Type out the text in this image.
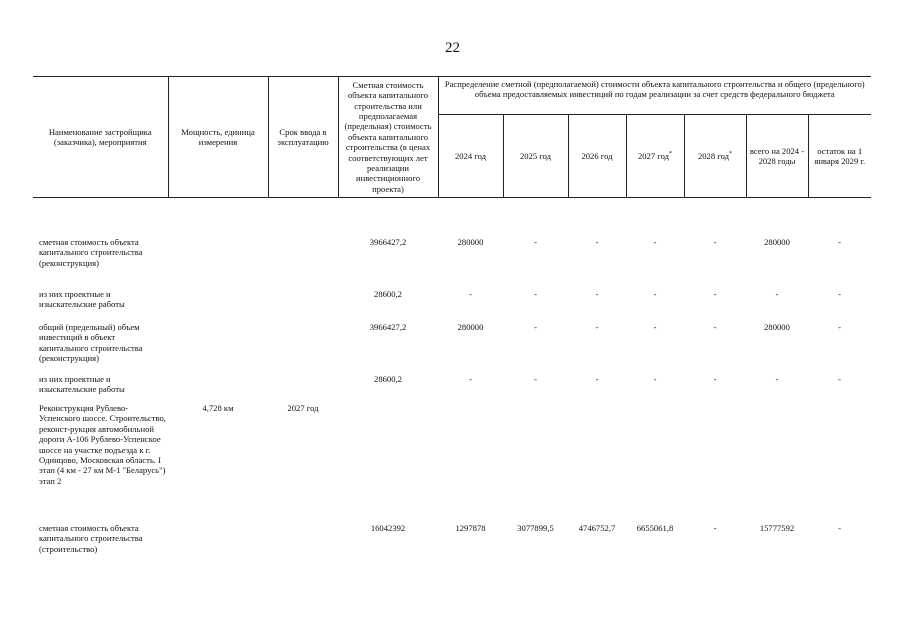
22
Наименование застройщика (заказчика), мероприятия	Мощность, единица измерения	Срок ввода в эксплуатацию	Сметная стоимость объекта капитального строительства или предполагаемая (предельная) стоимость объекта капитального строительства (в ценах соответствующих лет реализации инвестиционного проекта)	Распределение сметной (предполагаемой) стоимости объекта капитального строительства и общего (предельного) объема предоставляемых инвестиций по годам реализации за счет средств федерального бюджета						
				2024 год	2025 год	2026 год	2027 год*	2028 год*	всего на 2024 - 2028 годы	остаток на 1 января 2029 г.
сметная стоимость объекта капитального строительства (реконструкция)			3966427,2	280000	-	-	-	-	280000	-
из них проектные и изыскательские работы			28600,2	-	-	-	-	-	-	-
общий (предельный) объем инвестиций в объект капитального строительства (реконструкция)			3966427,2	280000	-	-	-	-	280000	-
из них проектные и изыскательские работы			28600,2	-	-	-	-	-	-	-
Реконструкция Рублево-Успенского шоссе. Строительство, реконст-рукция автомобильной дороги А-106 Рублево-Успенское шоссе на участке подъезда к г. Одинцово, Московская область. I этап (4 км - 27 км М-1 "Беларусь") этап 2	4,728 км	2027 год								
сметная стоимость объекта капитального строительства (строительство)			16042392	1297878	3077899,5	4746752,7	6655061,8	-	15777592	-
